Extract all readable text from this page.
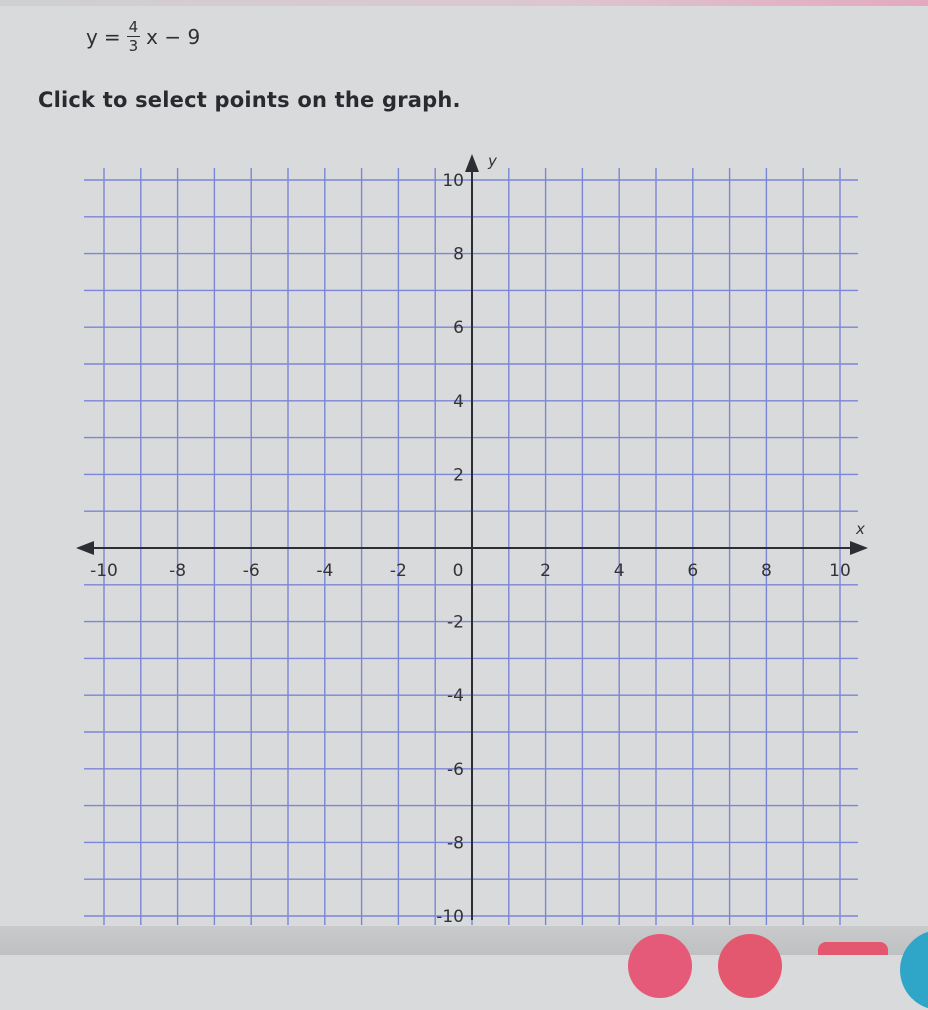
$y = \frac{4}{3}$ x − 9
Click to select points on the graph.
-10	-8	-6	-4	-2	0	2	4	6	8	10
10
8
6
4
2
-2
-4
-6
-8
-10
x
y
